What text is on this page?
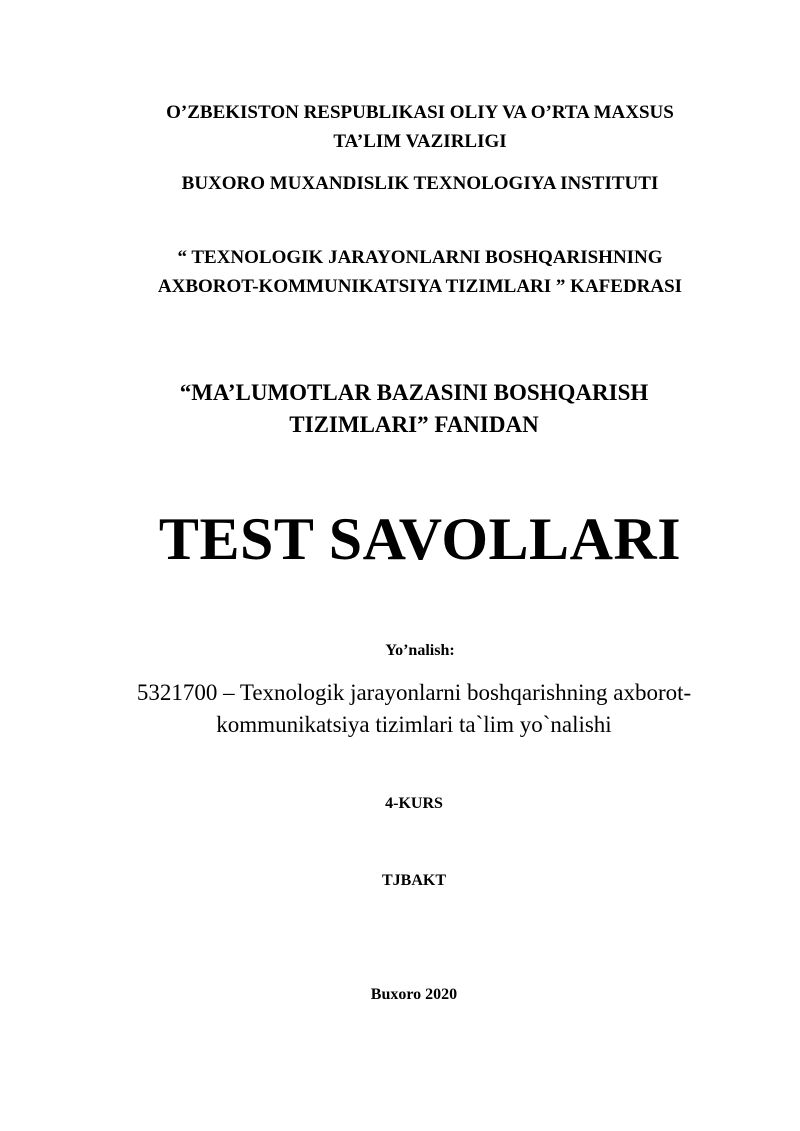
O’ZBEKISTON RESPUBLIKASI OLIY VA O’RTA MAXSUS
TA’LIM VAZIRLIGI
BUXORO MUXANDISLIK TEXNOLOGIYA INSTITUTI
“ TEXNOLOGIK JARAYONLARNI BOSHQARISHNING
AXBOROT-KOMMUNIKATSIYA TIZIMLARI ” KAFEDRASI
“MA’LUMOTLAR BAZASINI BOSHQARISH
TIZIMLARI” FANIDAN
TEST SAVOLLARI
Yo’nalish:
5321700 – Texnologik jarayonlarni boshqarishning axborot-
kommunikatsiya tizimlari ta`lim yo`nalishi
4-KURS
TJBAKT
Buxoro 2020
